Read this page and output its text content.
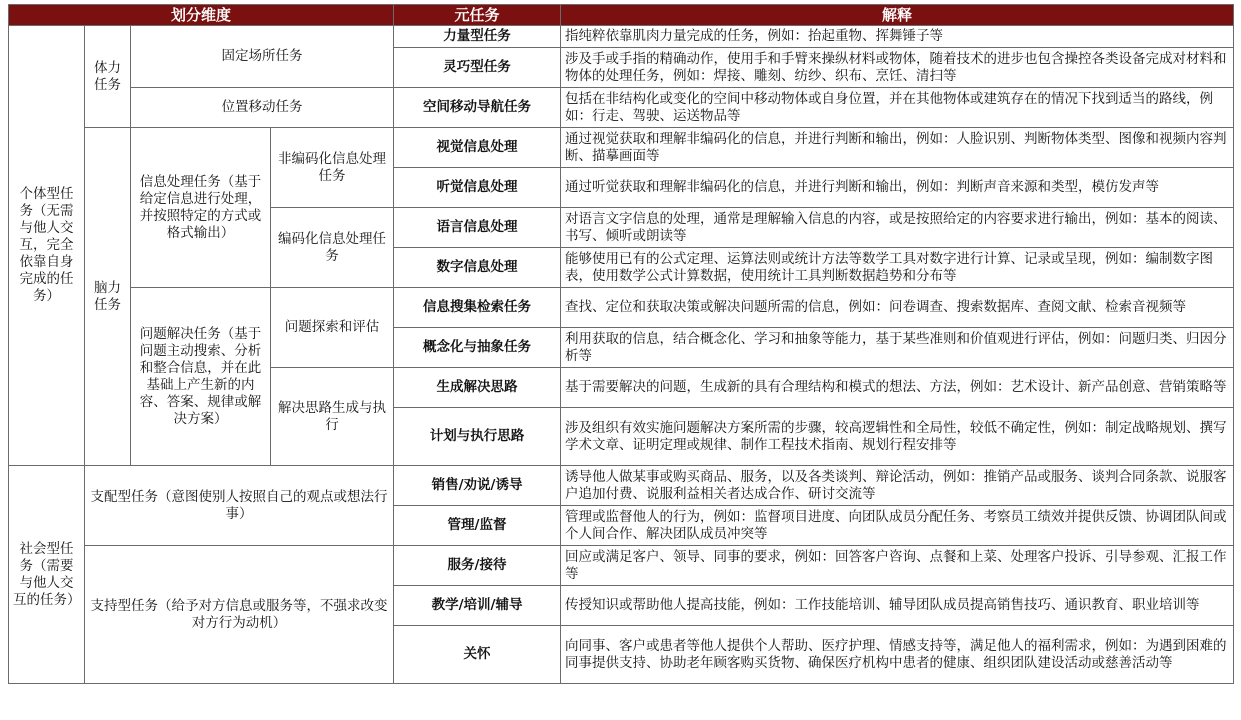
划分维度				元任务	解释
个体型任务（无需与他人交互，完全依靠自身完成的任务）	体力任务	固定场所任务		力量型任务	指纯粹依靠肌肉力量完成的任务，例如：抬起重物、挥舞锤子等
				灵巧型任务	涉及手或手指的精确动作，使用手和手臂来操纵材料或物体，随着技术的进步也包含操控各类设备完成对材料和物体的处理任务，例如：焊接、雕刻、纺纱、织布、烹饪、清扫等
		位置移动任务		空间移动导航任务	包括在非结构化或变化的空间中移动物体或自身位置，并在其他物体或建筑存在的情况下找到适当的路线，例如：行走、驾驶、运送物品等
	脑力任务	信息处理任务（基于给定信息进行处理，并按照特定的方式或格式输出）	非编码化信息处理任务	视觉信息处理	通过视觉获取和理解非编码化的信息，并进行判断和输出，例如：人脸识别、判断物体类型、图像和视频内容判断、描摹画面等
				听觉信息处理	通过听觉获取和理解非编码化的信息，并进行判断和输出，例如：判断声音来源和类型，模仿发声等
			编码化信息处理任务	语言信息处理	对语言文字信息的处理，通常是理解输入信息的内容，或是按照给定的内容要求进行输出，例如：基本的阅读、书写、倾听或朗读等
				数字信息处理	能够使用已有的公式定理、运算法则或统计方法等数学工具对数字进行计算、记录或呈现，例如：编制数字图表，使用数学公式计算数据，使用统计工具判断数据趋势和分布等
		问题解决任务（基于问题主动搜索、分析和整合信息，并在此基础上产生新的内容、答案、规律或解决方案）	问题探索和评估	信息搜集检索任务	查找、定位和获取决策或解决问题所需的信息，例如：问卷调查、搜索数据库、查阅文献、检索音视频等
				概念化与抽象任务	利用获取的信息，结合概念化、学习和抽象等能力，基于某些准则和价值观进行评估，例如：问题归类、归因分析等
			解决思路生成与执行	生成解决思路	基于需要解决的问题，生成新的具有合理结构和模式的想法、方法，例如：艺术设计、新产品创意、营销策略等
				计划与执行思路	涉及组织有效实施问题解决方案所需的步骤，较高逻辑性和全局性，较低不确定性，例如：制定战略规划、撰写学术文章、证明定理或规律、制作工程技术指南、规划行程安排等
社会型任务（需要与他人交互的任务）	支配型任务（意图使别人按照自己的观点或想法行事）			销售/劝说/诱导	诱导他人做某事或购买商品、服务，以及各类谈判、辩论活动，例如：推销产品或服务、谈判合同条款、说服客户追加付费、说服利益相关者达成合作、研讨交流等
				管理/监督	管理或监督他人的行为，例如：监督项目进度、向团队成员分配任务、考察员工绩效并提供反馈、协调团队间或个人间合作、解决团队成员冲突等
	支持型任务（给予对方信息或服务等，不强求改变对方行为动机）			服务/接待	回应或满足客户、领导、同事的要求，例如：回答客户咨询、点餐和上菜、处理客户投诉、引导参观、汇报工作等
				教学/培训/辅导	传授知识或帮助他人提高技能，例如：工作技能培训、辅导团队成员提高销售技巧、通识教育、职业培训等
				关怀	向同事、客户或患者等他人提供个人帮助、医疗护理、情感支持等，满足他人的福利需求，例如：为遇到困难的同事提供支持、协助老年顾客购买货物、确保医疗机构中患者的健康、组织团队建设活动或慈善活动等
